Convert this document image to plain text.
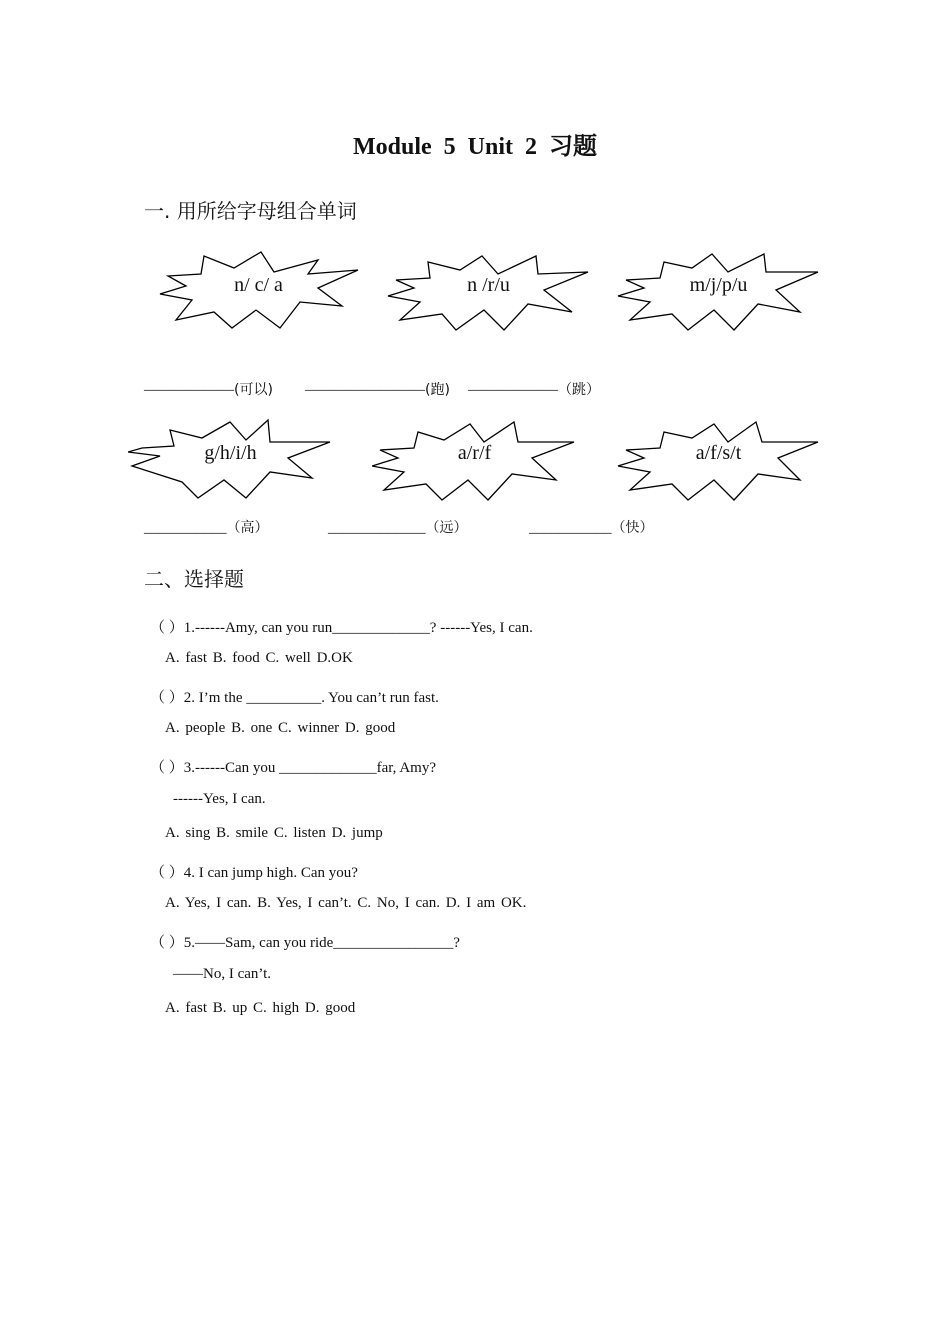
Module 5 Unit 2 习题
一. 用所给字母组合单词
n/ c/ a	n /r/u	m/j/p/u
——————(可以) ————————(跑) ——————（跳）
g/h/i/h	a/r/f	a/f/s/t
___________（高）	_____________（远）	___________（快）
二、选择题
（ ）1.------Amy, can you run_____________? ------Yes, I can.
A. fast B. food C. well D.OK
（ ）2. I’m the __________. You can’t run fast.
A. people B. one C. winner D. good
（ ）3.------Can you _____________far, Amy?
------Yes, I can.
A. sing B. smile C. listen D. jump
（ ）4. I can jump high. Can you?
A. Yes, I can. B. Yes, I can’t. C. No, I can. D. I am OK.
（ ）5.——Sam, can you ride________________?
——No, I can’t.
A. fast B. up C. high D. good
